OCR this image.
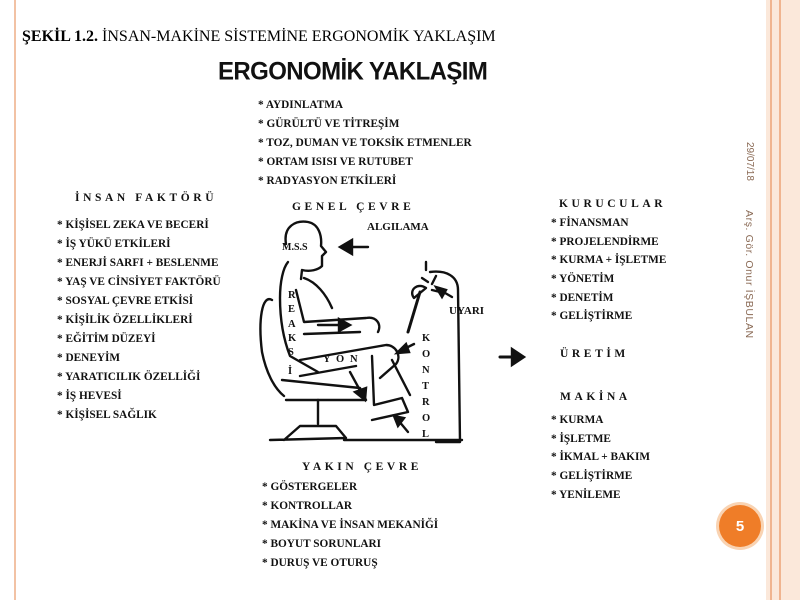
ŞEKİL 1.2. İNSAN-MAKİNE SİSTEMİNE ERGONOMİK YAKLAŞIM
29/07/18
Arş. Gör. Onur İŞBULAN
5
ERGONOMİK YAKLAŞIM
* AYDINLATMA
* GÜRÜLTÜ VE TİTREŞİM
* TOZ, DUMAN VE TOKSİK ETMENLER
* ORTAM ISISI VE RUTUBET
* RADYASYON ETKİLERİ
İNSAN FAKTÖRÜ
* KİŞİSEL ZEKA VE BECERİ
* İŞ YÜKÜ ETKİLERİ
* ENERJİ SARFI + BESLENME
* YAŞ VE CİNSİYET FAKTÖRÜ
* SOSYAL ÇEVRE ETKİSİ
* KİŞİLİK ÖZELLİKLERİ
* EĞİTİM DÜZEYİ
* DENEYİM
* YARATICILIK ÖZELLİĞİ
* İŞ HEVESİ
* KİŞİSEL SAĞLIK
GENEL ÇEVRE
ALGILAMA
M.S.S
UYARI
R
E
A
K
S
İ
Y O N
K
O
N
T
R
O
L
KURUCULAR
* FİNANSMAN
* PROJELENDİRME
* KURMA + İŞLETME
* YÖNETİM
* DENETİM
* GELİŞTİRME
ÜRETİM
MAKİNA
* KURMA
* İŞLETME
* İKMAL + BAKIM
* GELİŞTİRME
* YENİLEME
YAKIN ÇEVRE
* GÖSTERGELER
* KONTROLLAR
* MAKİNA VE İNSAN MEKANİĞİ
* BOYUT SORUNLARI
* DURUŞ VE OTURUŞ
